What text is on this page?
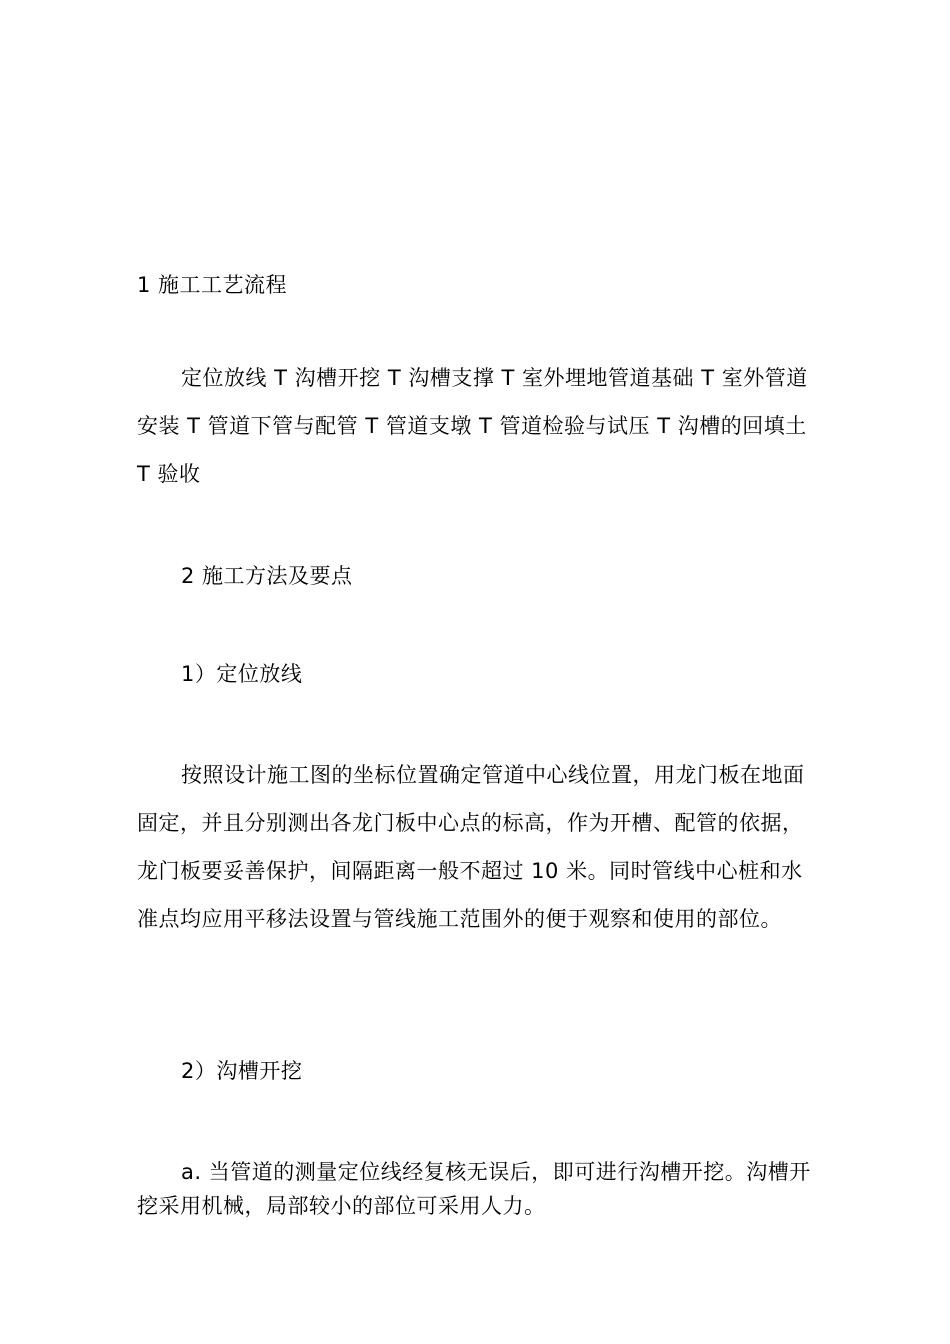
1 施工工艺流程
定位放线 T 沟槽开挖 T 沟槽支撑 T 室外埋地管道基础 T 室外管道安装 T 管道下管与配管 T 管道支墩 T 管道检验与试压 T 沟槽的回填土 T 验收
2 施工方法及要点
1）定位放线
按照设计施工图的坐标位置确定管道中心线位置，用龙门板在地面固定，并且分别测出各龙门板中心点的标高，作为开槽、配管的依据，龙门板要妥善保护，间隔距离一般不超过 10 米。同时管线中心桩和水准点均应用平移法设置与管线施工范围外的便于观察和使用的部位。
2）沟槽开挖
a. 当管道的测量定位线经复核无误后，即可进行沟槽开挖。沟槽开挖采用机械，局部较小的部位可采用人力。
